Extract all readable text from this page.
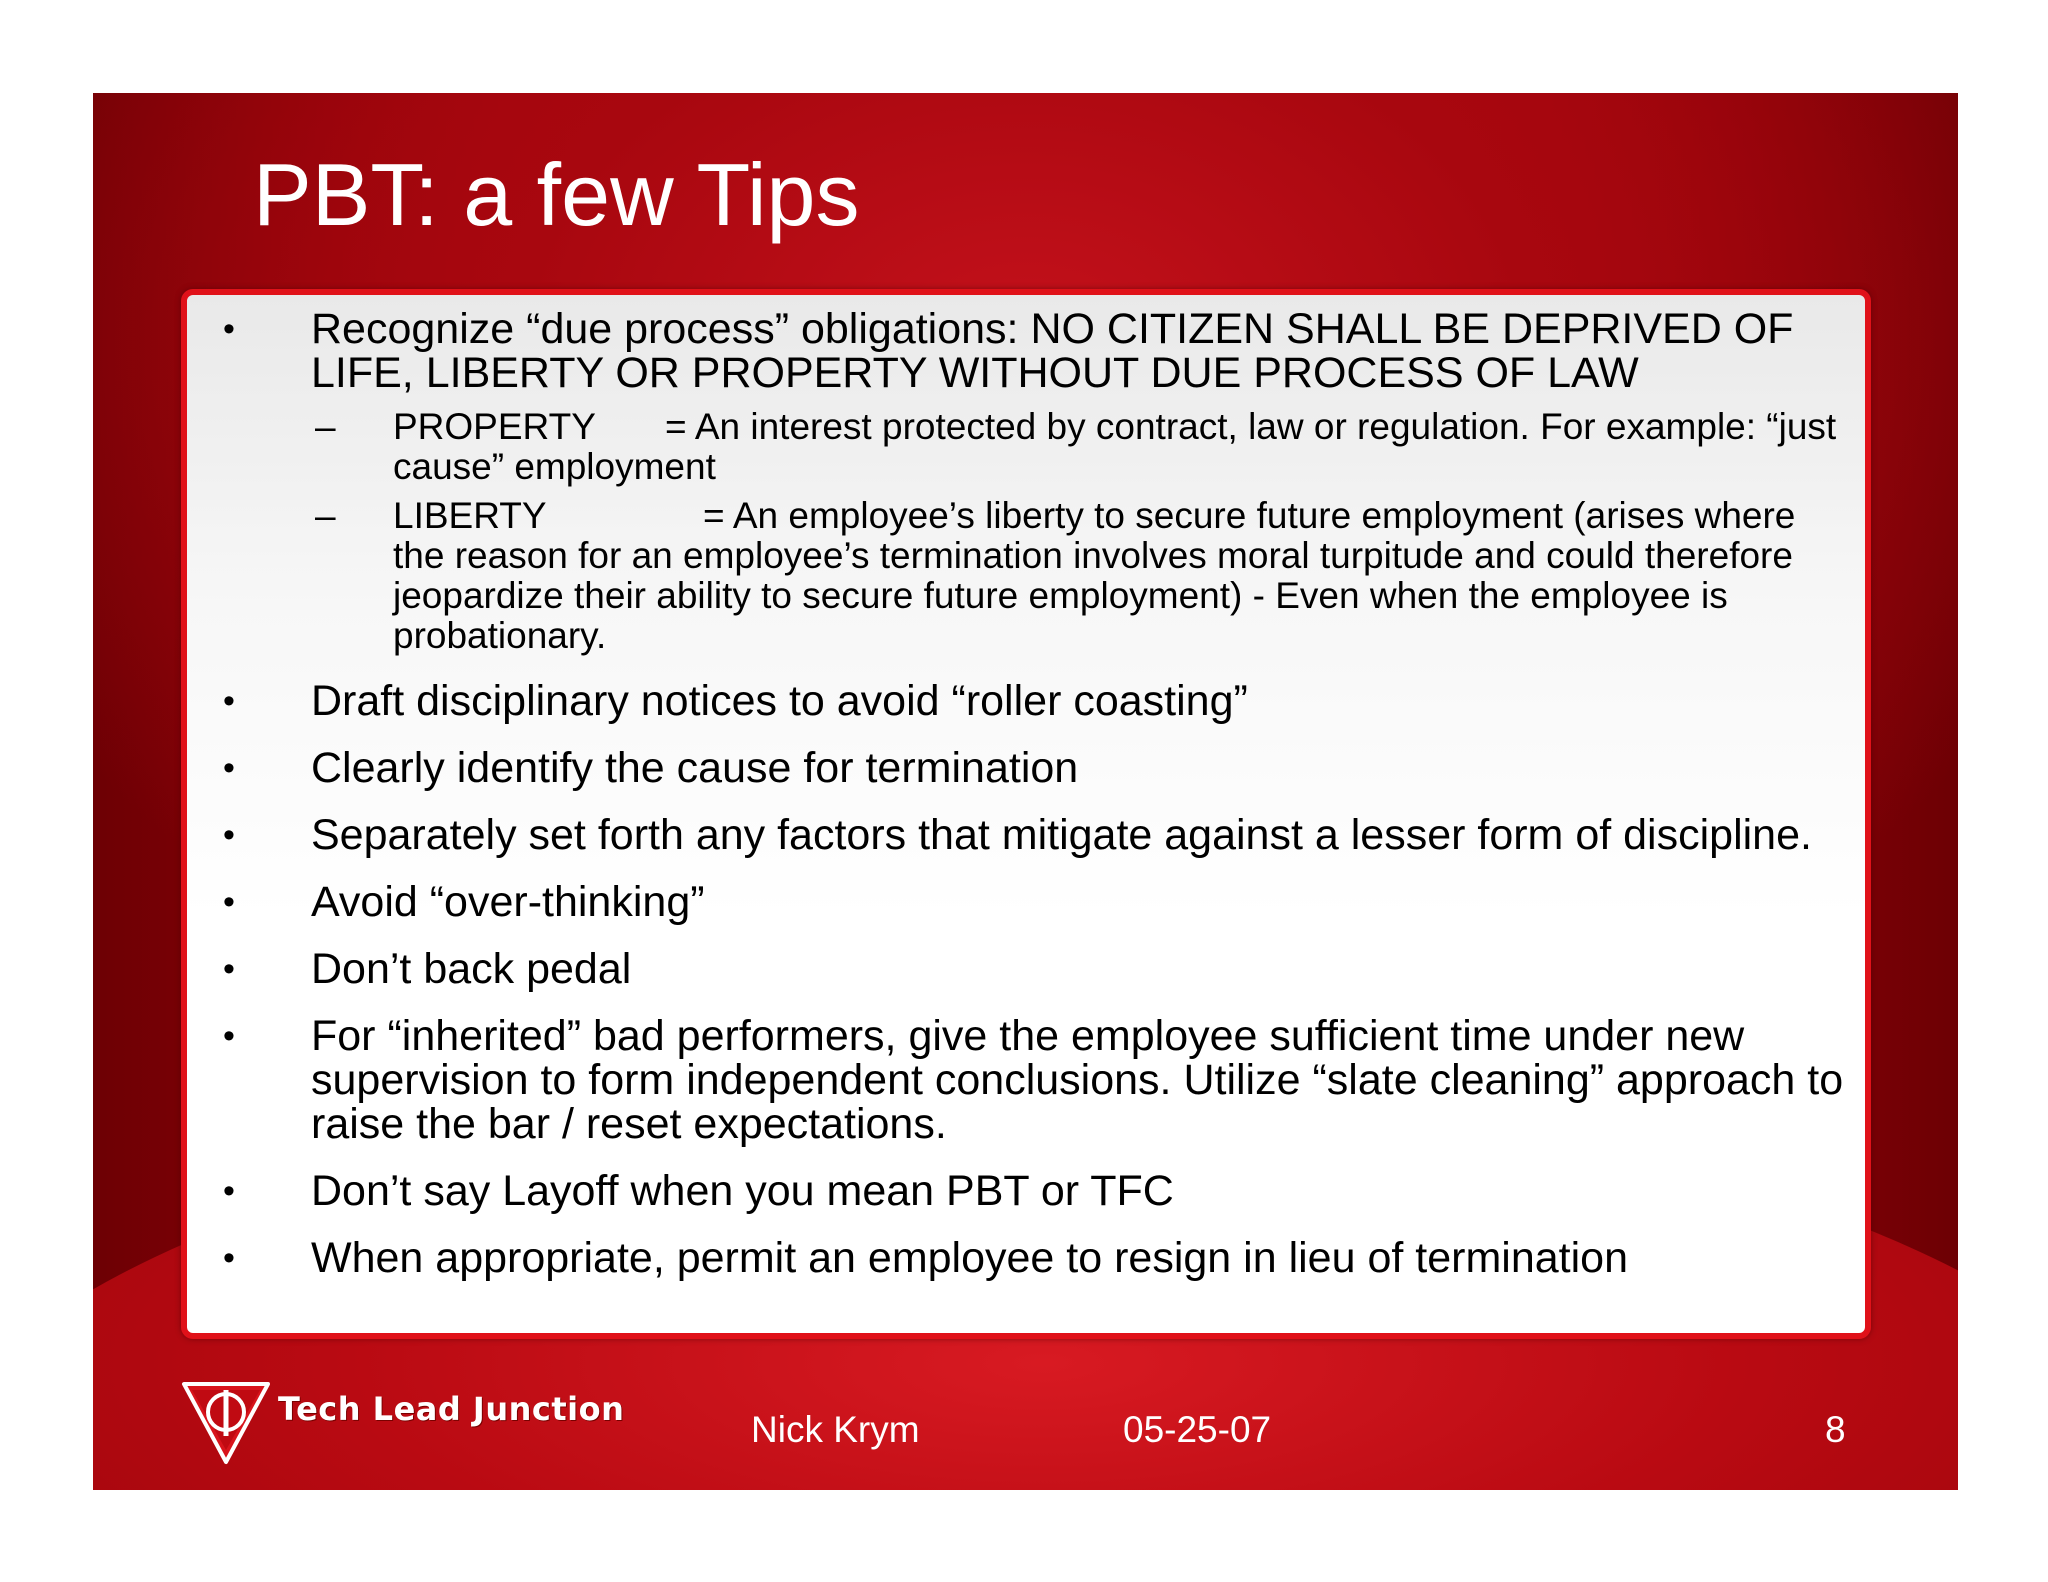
PBT: a few Tips
• Recognize “due process” obligations: NO CITIZEN SHALL BE DEPRIVED OF LIFE, LIBERTY OR PROPERTY WITHOUT DUE PROCESS OF LAW
– PROPERTY = An interest protected by contract, law or regulation. For example: “just cause” employment
– LIBERTY	= An employee’s liberty to secure future employment (arises where the reason for an employee’s termination involves moral turpitude and could therefore jeopardize their ability to secure future employment) - Even when the employee is probationary.
• Draft disciplinary notices to avoid “roller coasting”
• Clearly identify the cause for termination
• Separately set forth any factors that mitigate against a lesser form of discipline.
• Avoid “over-thinking”
• Don’t back pedal
• For “inherited” bad performers, give the employee sufficient time under new supervision to form independent conclusions. Utilize “slate cleaning” approach to raise the bar / reset expectations.
• Don’t say Layoff when you mean PBT or TFC
• When appropriate, permit an employee to resign in lieu of termination
Tech Lead Junction	Nick Krym	05-25-07	8
